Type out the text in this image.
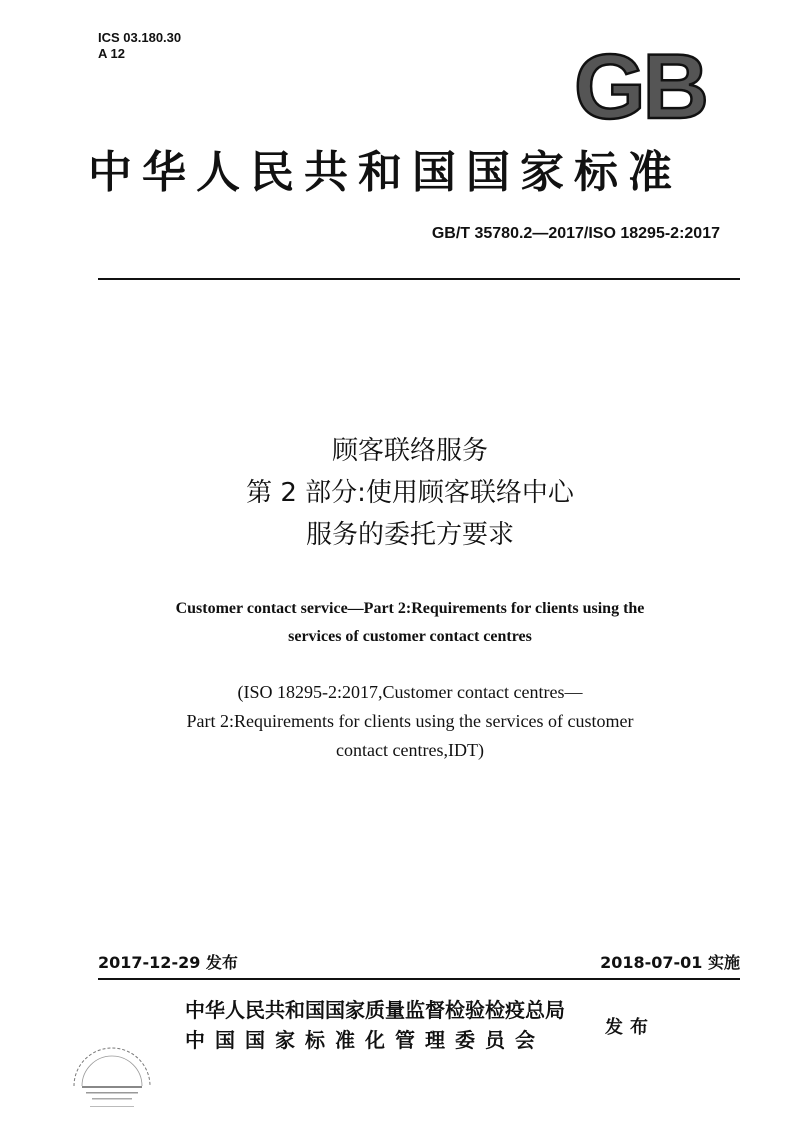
ICS 03.180.30
A 12	GB
中华人民共和国国家标准
GB/T 35780.2—2017/ISO 18295-2:2017
顾客联络服务
第 2 部分:使用顾客联络中心
服务的委托方要求
Customer contact service—Part 2:Requirements for clients using the
services of customer contact centres
(ISO 18295-2:2017,Customer contact centres—
Part 2:Requirements for clients using the services of customer
contact centres,IDT)
2017-12-29 发布	2018-07-01 实施
中华人民共和国国家质量监督检验检疫总局
中国国家标准化管理委员会
发布
